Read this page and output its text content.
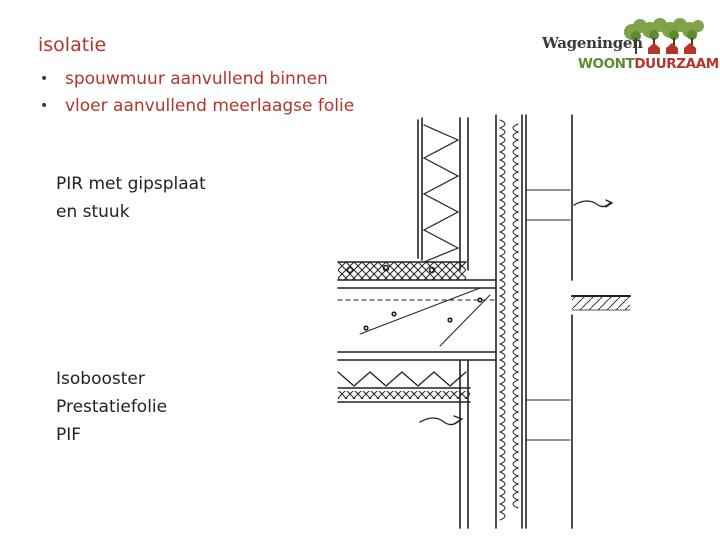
isolatie
• spouwmuur aanvullend binnen
• vloer aanvullend meerlaagse folie
PIR met gipsplaat
en stuuk
Isobooster
Prestatiefolie
PIF
Wageningen
WOONTDUURZAAM
